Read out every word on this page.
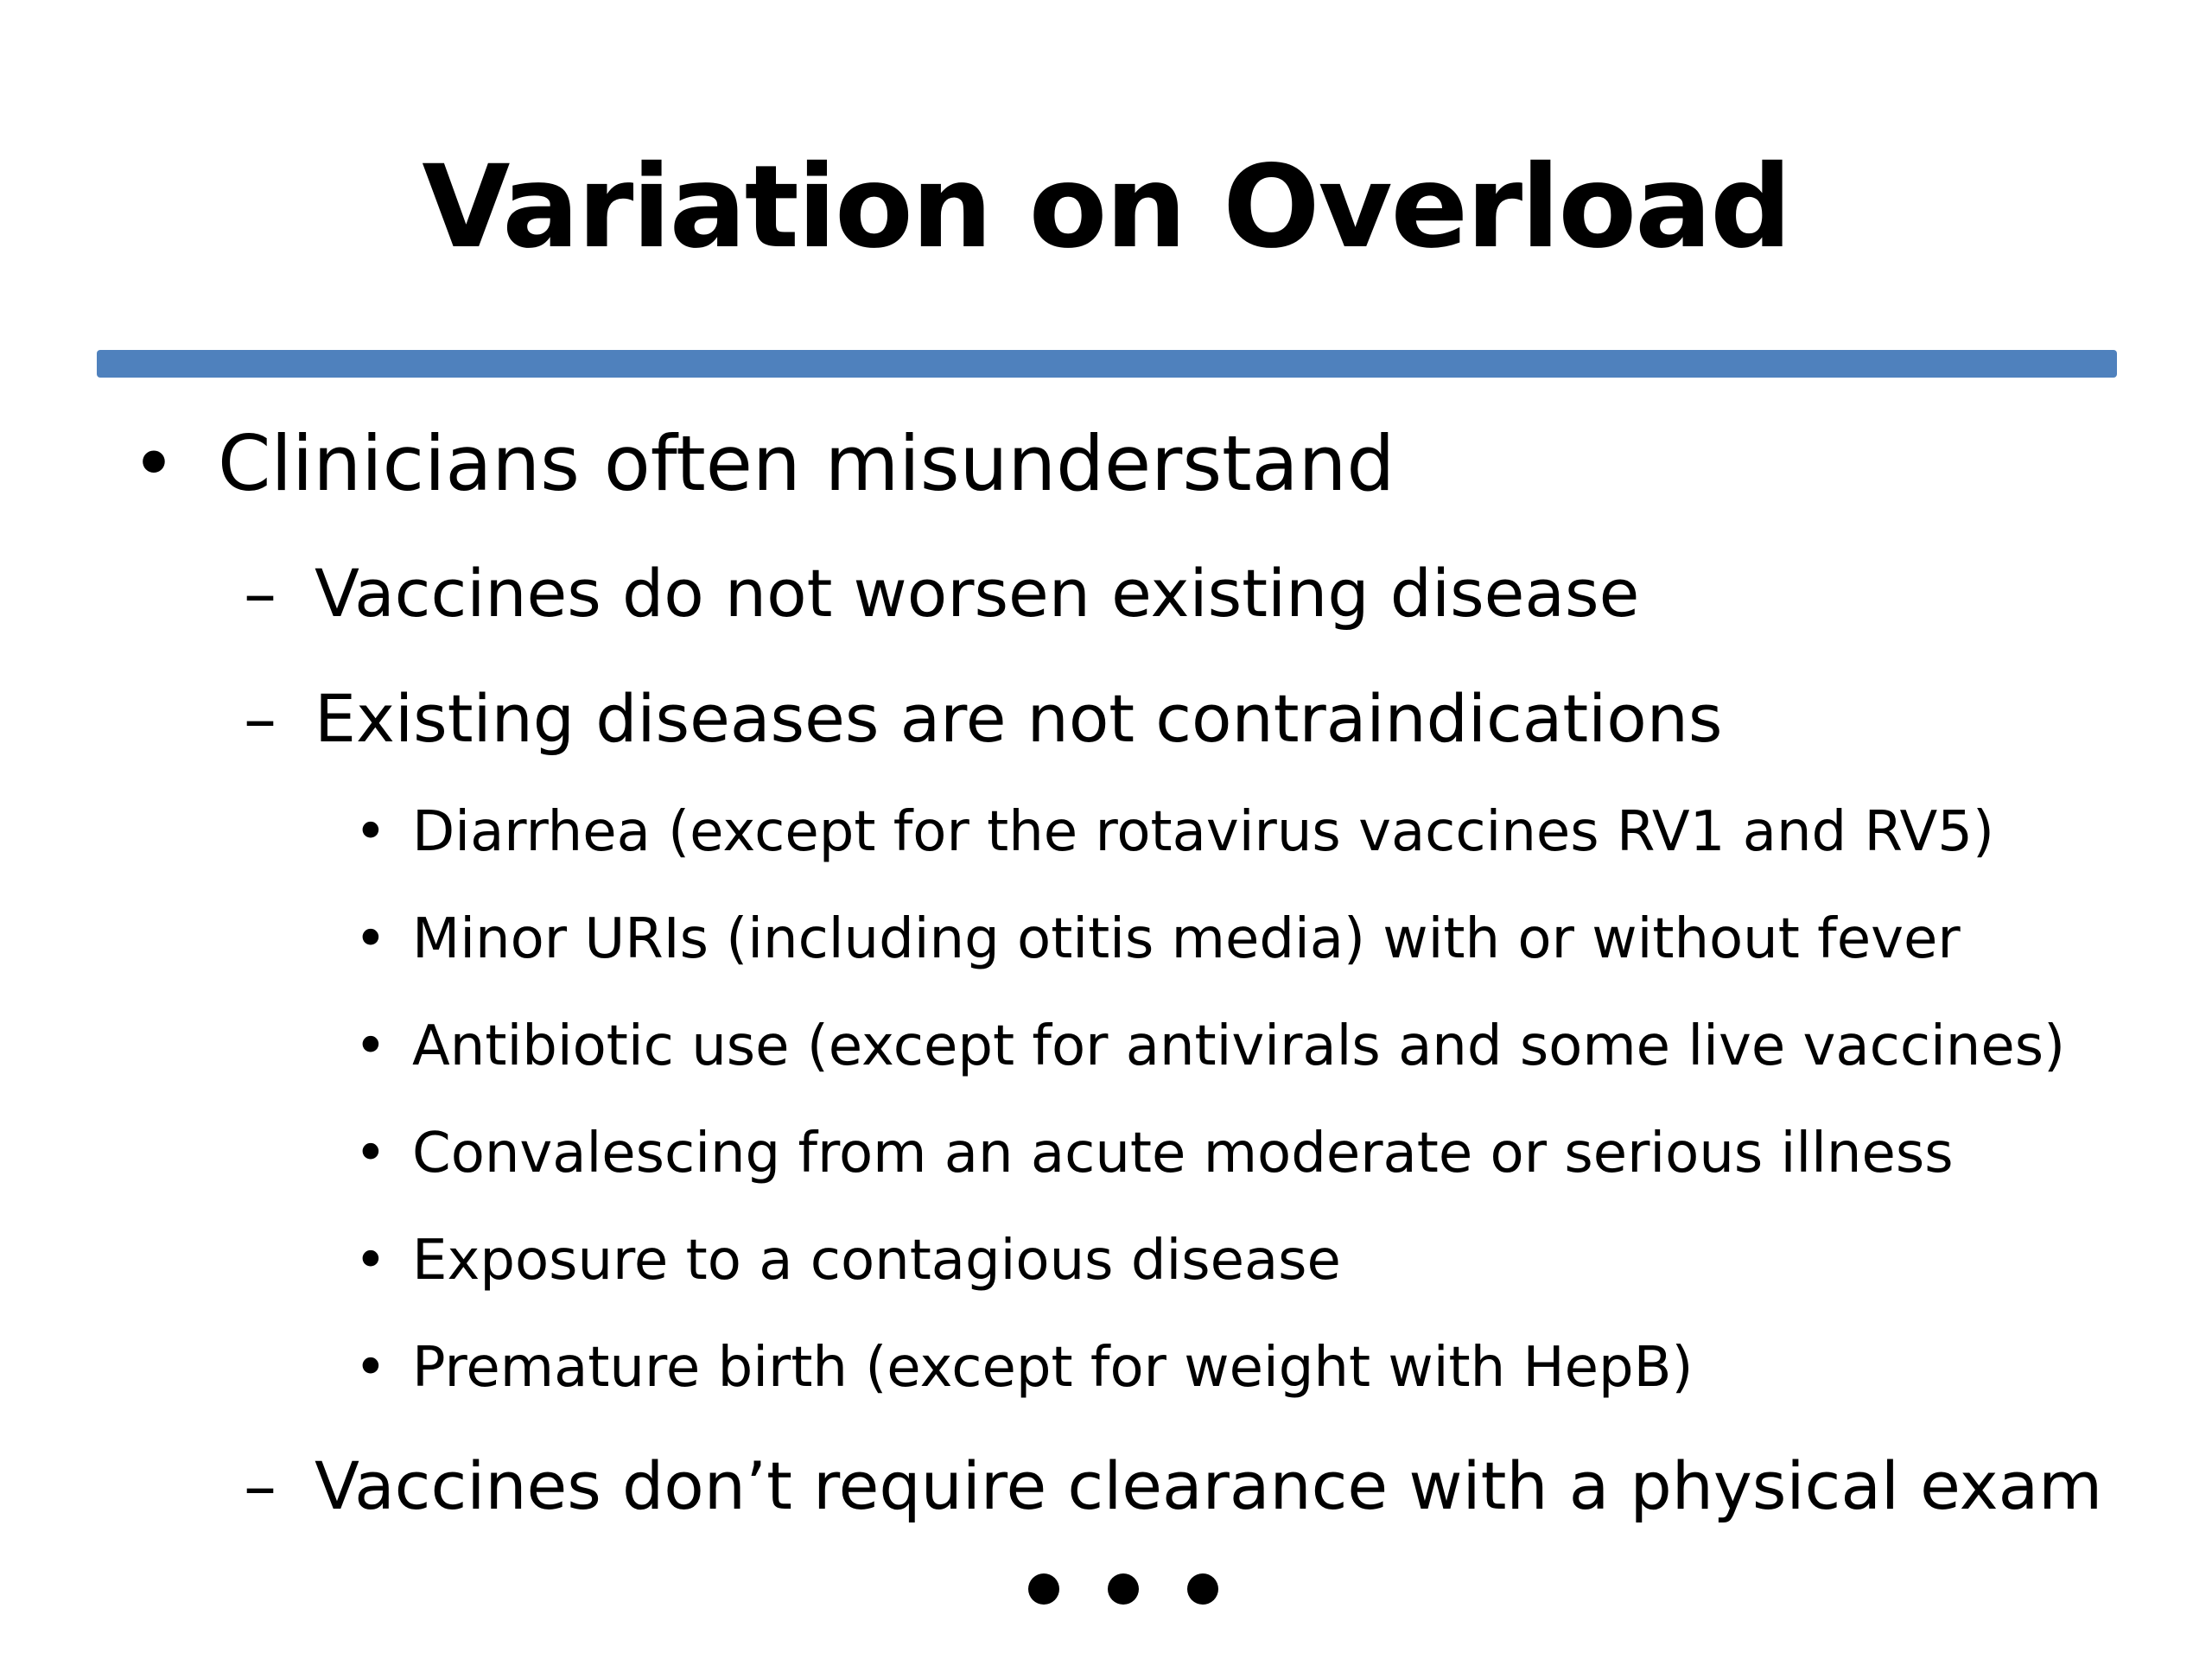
Variation on Overload
• Clinicians often misunderstand
– Vaccines do not worsen existing disease
– Existing diseases are not contraindications
• Diarrhea (except for the rotavirus vaccines RV1 and RV5)
• Minor URIs (including otitis media) with or without fever
• Antibiotic use (except for antivirals and some live vaccines)
• Convalescing from an acute moderate or serious illness
• Exposure to a contagious disease
• Premature birth (except for weight with HepB)
– Vaccines don’t require clearance with a physical exam
